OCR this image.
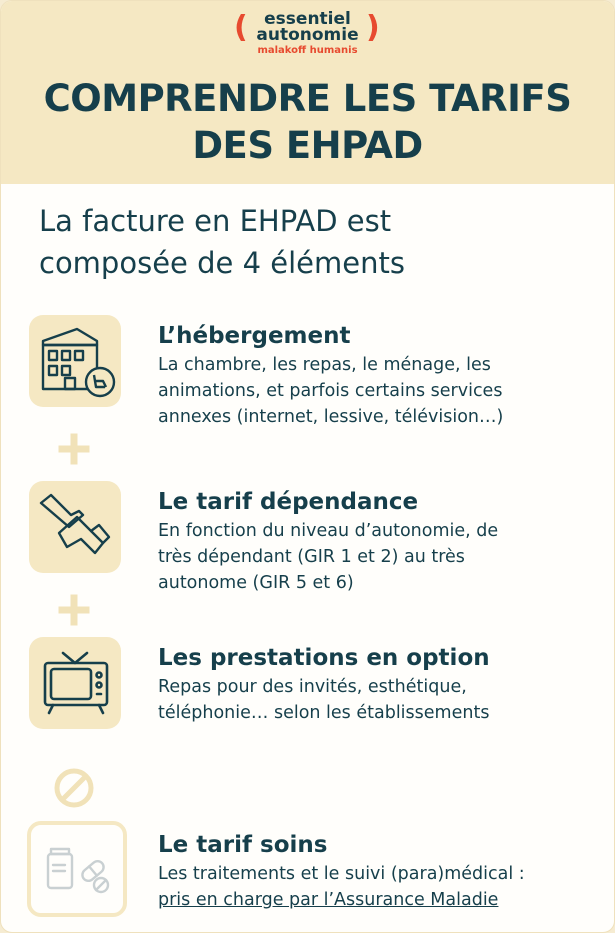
(	)
essentiel
autonomie
malakoff humanis
COMPRENDRE LES TARIFS
DES EHPAD
La facture en EHPAD est
composée de 4 éléments
L’hébergement
La chambre, les repas, le ménage, les
animations, et parfois certains services
annexes (internet, lessive, télévision…)
Le tarif dépendance
En fonction du niveau d’autonomie, de
très dépendant (GIR 1 et 2) au très
autonome (GIR 5 et 6)
Les prestations en option
Repas pour des invités, esthétique,
téléphonie… selon les établissements
Le tarif soins
Les traitements et le suivi (para)médical :
pris en charge par l’Assurance Maladie
